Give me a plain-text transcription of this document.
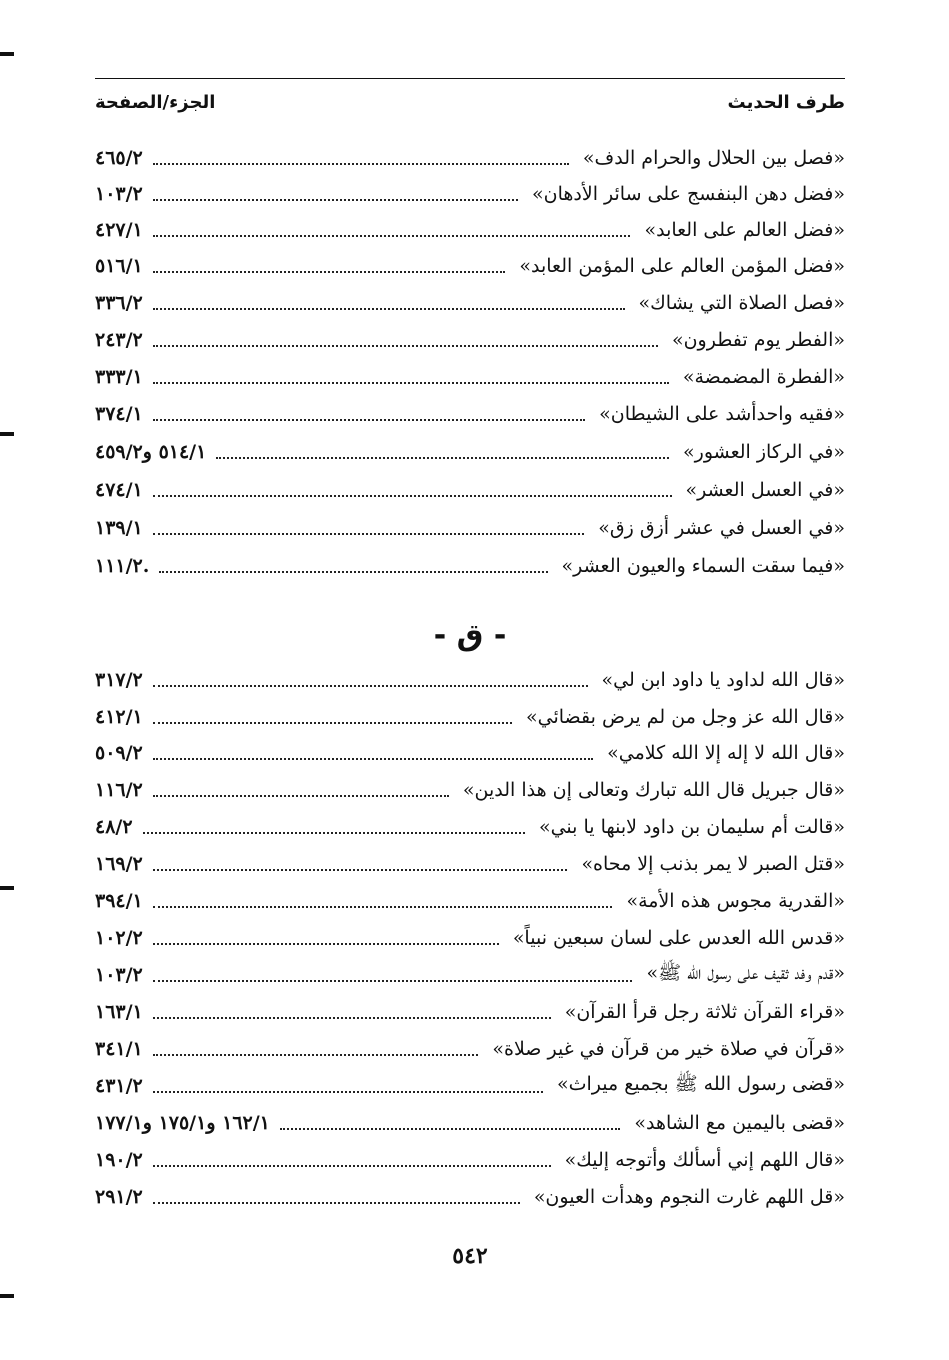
طرف الحديث
الجزء/الصفحة
«فصل بين الحلال والحرام الدف»
٤٦٥/٢
«فضل دهن البنفسج على سائر الأدهان»
١٠٣/٢
«فضل العالم على العابد»
٤٢٧/١
«فضل المؤمن العالم على المؤمن العابد»
٥١٦/١
«فصل الصلاة التي يشاك»
٣٣٦/٢
«الفطر يوم تفطرون»
٢٤٣/٢
«الفطرة المضمضة»
٣٣٣/١
«فقيه واحدأشد على الشيطان»
٣٧٤/١
«في الركاز العشور»
٥١٤/١ و٤٥٩/٢
«في العسل العشر»
٤٧٤/١
«في العسل في عشر أزق زق»
١٣٩/١
«فيما سقت السماء والعيون العشر»
١١١/٢.
- ق -
«قال الله لداود يا داود ابن لي»
٣١٧/٢
«قال الله عز وجل من لم يرض بقضائي»
٤١٢/١
«قال الله لا إله إلا الله كلامي»
٥٠٩/٢
«قال جبريل قال الله تبارك وتعالى إن هذا الدين»
١١٦/٢
«قالت أم سليمان بن داود لابنها يا بني»
٤٨/٢
«قتل الصبر لا يمر بذنب إلا محاه»
١٦٩/٢
«القدرية مجوس هذه الأمة»
٣٩٤/١
«قدس الله العدس على لسان سبعين نبياً»
١٠٢/٢
«قدم وفد ثقيف على رسول الله ﷺ»
١٠٣/٢
«قراء القرآن ثلاثة رجل قرأ القرآن»
١٦٣/١
«قرآن في صلاة خير من قرآن في غير صلاة»
٣٤١/١
«قضى رسول الله ﷺ بجميع ميراث»
٤٣١/٢
«قضى باليمين مع الشاهد»
١٦٢/١ و١٧٥/١ و١٧٧/١
«قال اللهم إني أسألك وأتوجه إليك»
١٩٠/٢
«قل اللهم غارت النجوم وهدأت العيون»
٢٩١/٢
٥٤٢
